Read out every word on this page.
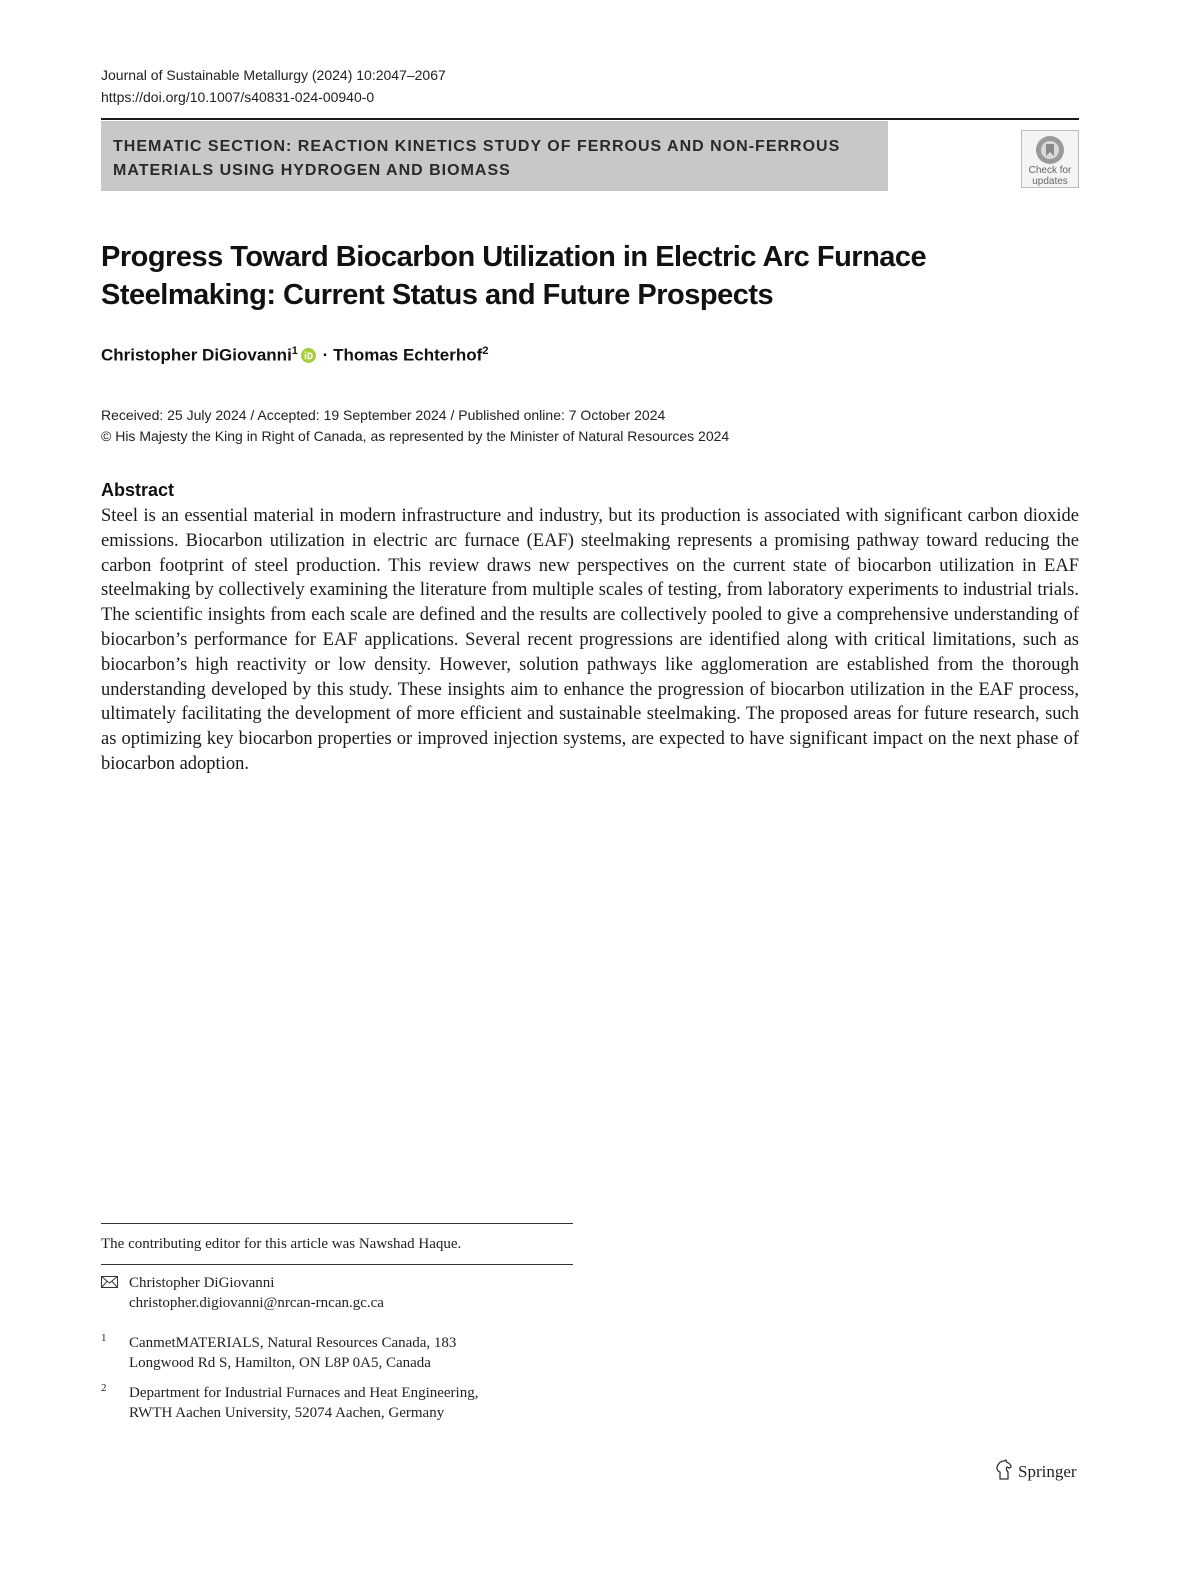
Journal of Sustainable Metallurgy (2024) 10:2047–2067
https://doi.org/10.1007/s40831-024-00940-0
THEMATIC SECTION: REACTION KINETICS STUDY OF FERROUS AND NON-FERROUS
MATERIALS USING HYDROGEN AND BIOMASS	Check for
updates
Progress Toward Biocarbon Utilization in Electric Arc Furnace
Steelmaking: Current Status and Future Prospects
Christopher DiGiovanni$^1$ · Thomas Echterhof$^2$
Received: 25 July 2024 / Accepted: 19 September 2024 / Published online: 7 October 2024
© His Majesty the King in Right of Canada, as represented by the Minister of Natural Resources 2024
Abstract

Steel is an essential material in modern infrastructure and industry, but its production is associated with significant carbon dioxide emissions. Biocarbon utilization in electric arc furnace (EAF) steelmaking represents a promising pathway toward reducing the carbon footprint of steel production. This review draws new perspectives on the current state of biocarbon utilization in EAF steelmaking by collectively examining the literature from multiple scales of testing, from laboratory experiments to industrial trials. The scientific insights from each scale are defined and the results are collectively pooled to give a comprehensive understanding of biocarbon’s performance for EAF applications. Several recent progressions are identified along with critical limitations, such as biocarbon’s high reactivity or low density. However, solution pathways like agglomeration are established from the thorough understanding developed by this study. These insights aim to enhance the progression of biocarbon utilization in the EAF process, ultimately facilitating the development of more efficient and sustainable steelmaking. The proposed areas for future research, such as optimizing key biocarbon properties or improved injection systems, are expected to have significant impact on the next phase of biocarbon adoption.

The contributing editor for this article was Nawshad Haque.
Christopher DiGiovanni
christopher.digiovanni@nrcan-rncan.gc.ca
1 CanmetMATERIALS, Natural Resources Canada, 183
Longwood Rd S, Hamilton, ON L8P 0A5, Canada
2 Department for Industrial Furnaces and Heat Engineering,
RWTH Aachen University, 52074 Aachen, Germany
Springer
